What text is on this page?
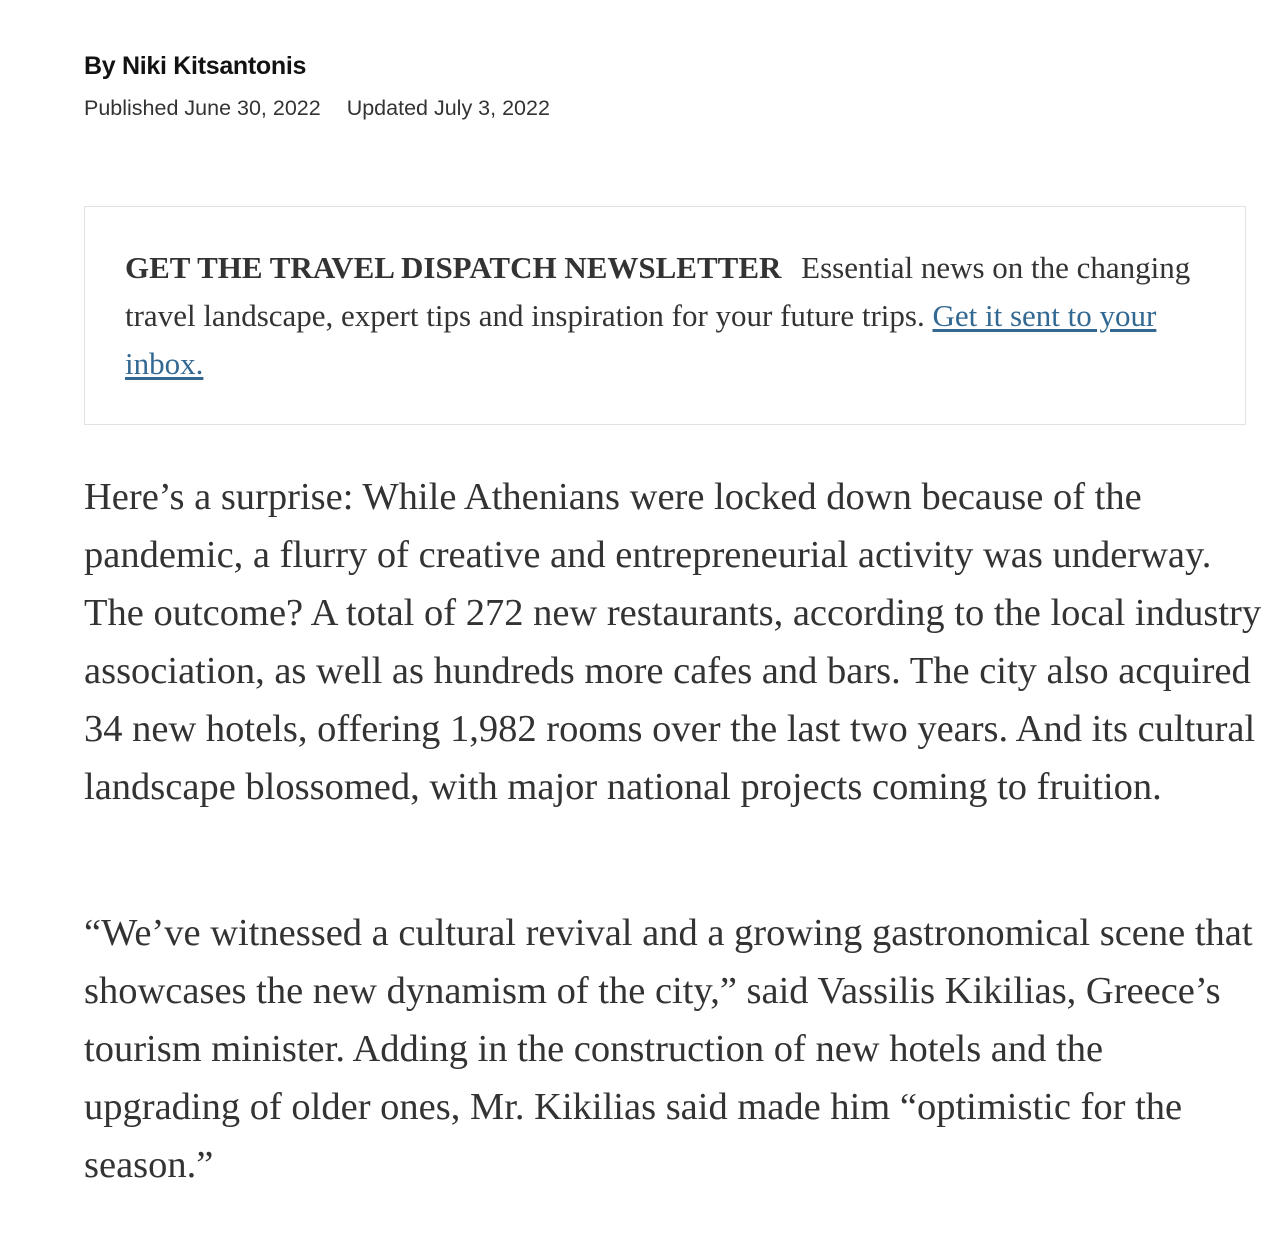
By Niki Kitsantonis

Published June 30, 2022 Updated July 3, 2022
GET THE TRAVEL DISPATCH NEWSLETTER Essential news on the changing travel landscape, expert tips and inspiration for your future trips. Get it sent to your inbox.

Here’s a surprise: While Athenians were locked down because of the pandemic, a flurry of creative and entrepreneurial activity was underway. The outcome? A total of 272 new restaurants, according to the local industry association, as well as hundreds more cafes and bars. The city also acquired 34 new hotels, offering 1,982 rooms over the last two years. And its cultural landscape blossomed, with major national projects coming to fruition.

“We’ve witnessed a cultural revival and a growing gastronomical scene that showcases the new dynamism of the city,” said Vassilis Kikilias, Greece’s tourism minister. Adding in the construction of new hotels and the upgrading of older ones, Mr. Kikilias said made him “optimistic for the season.”
